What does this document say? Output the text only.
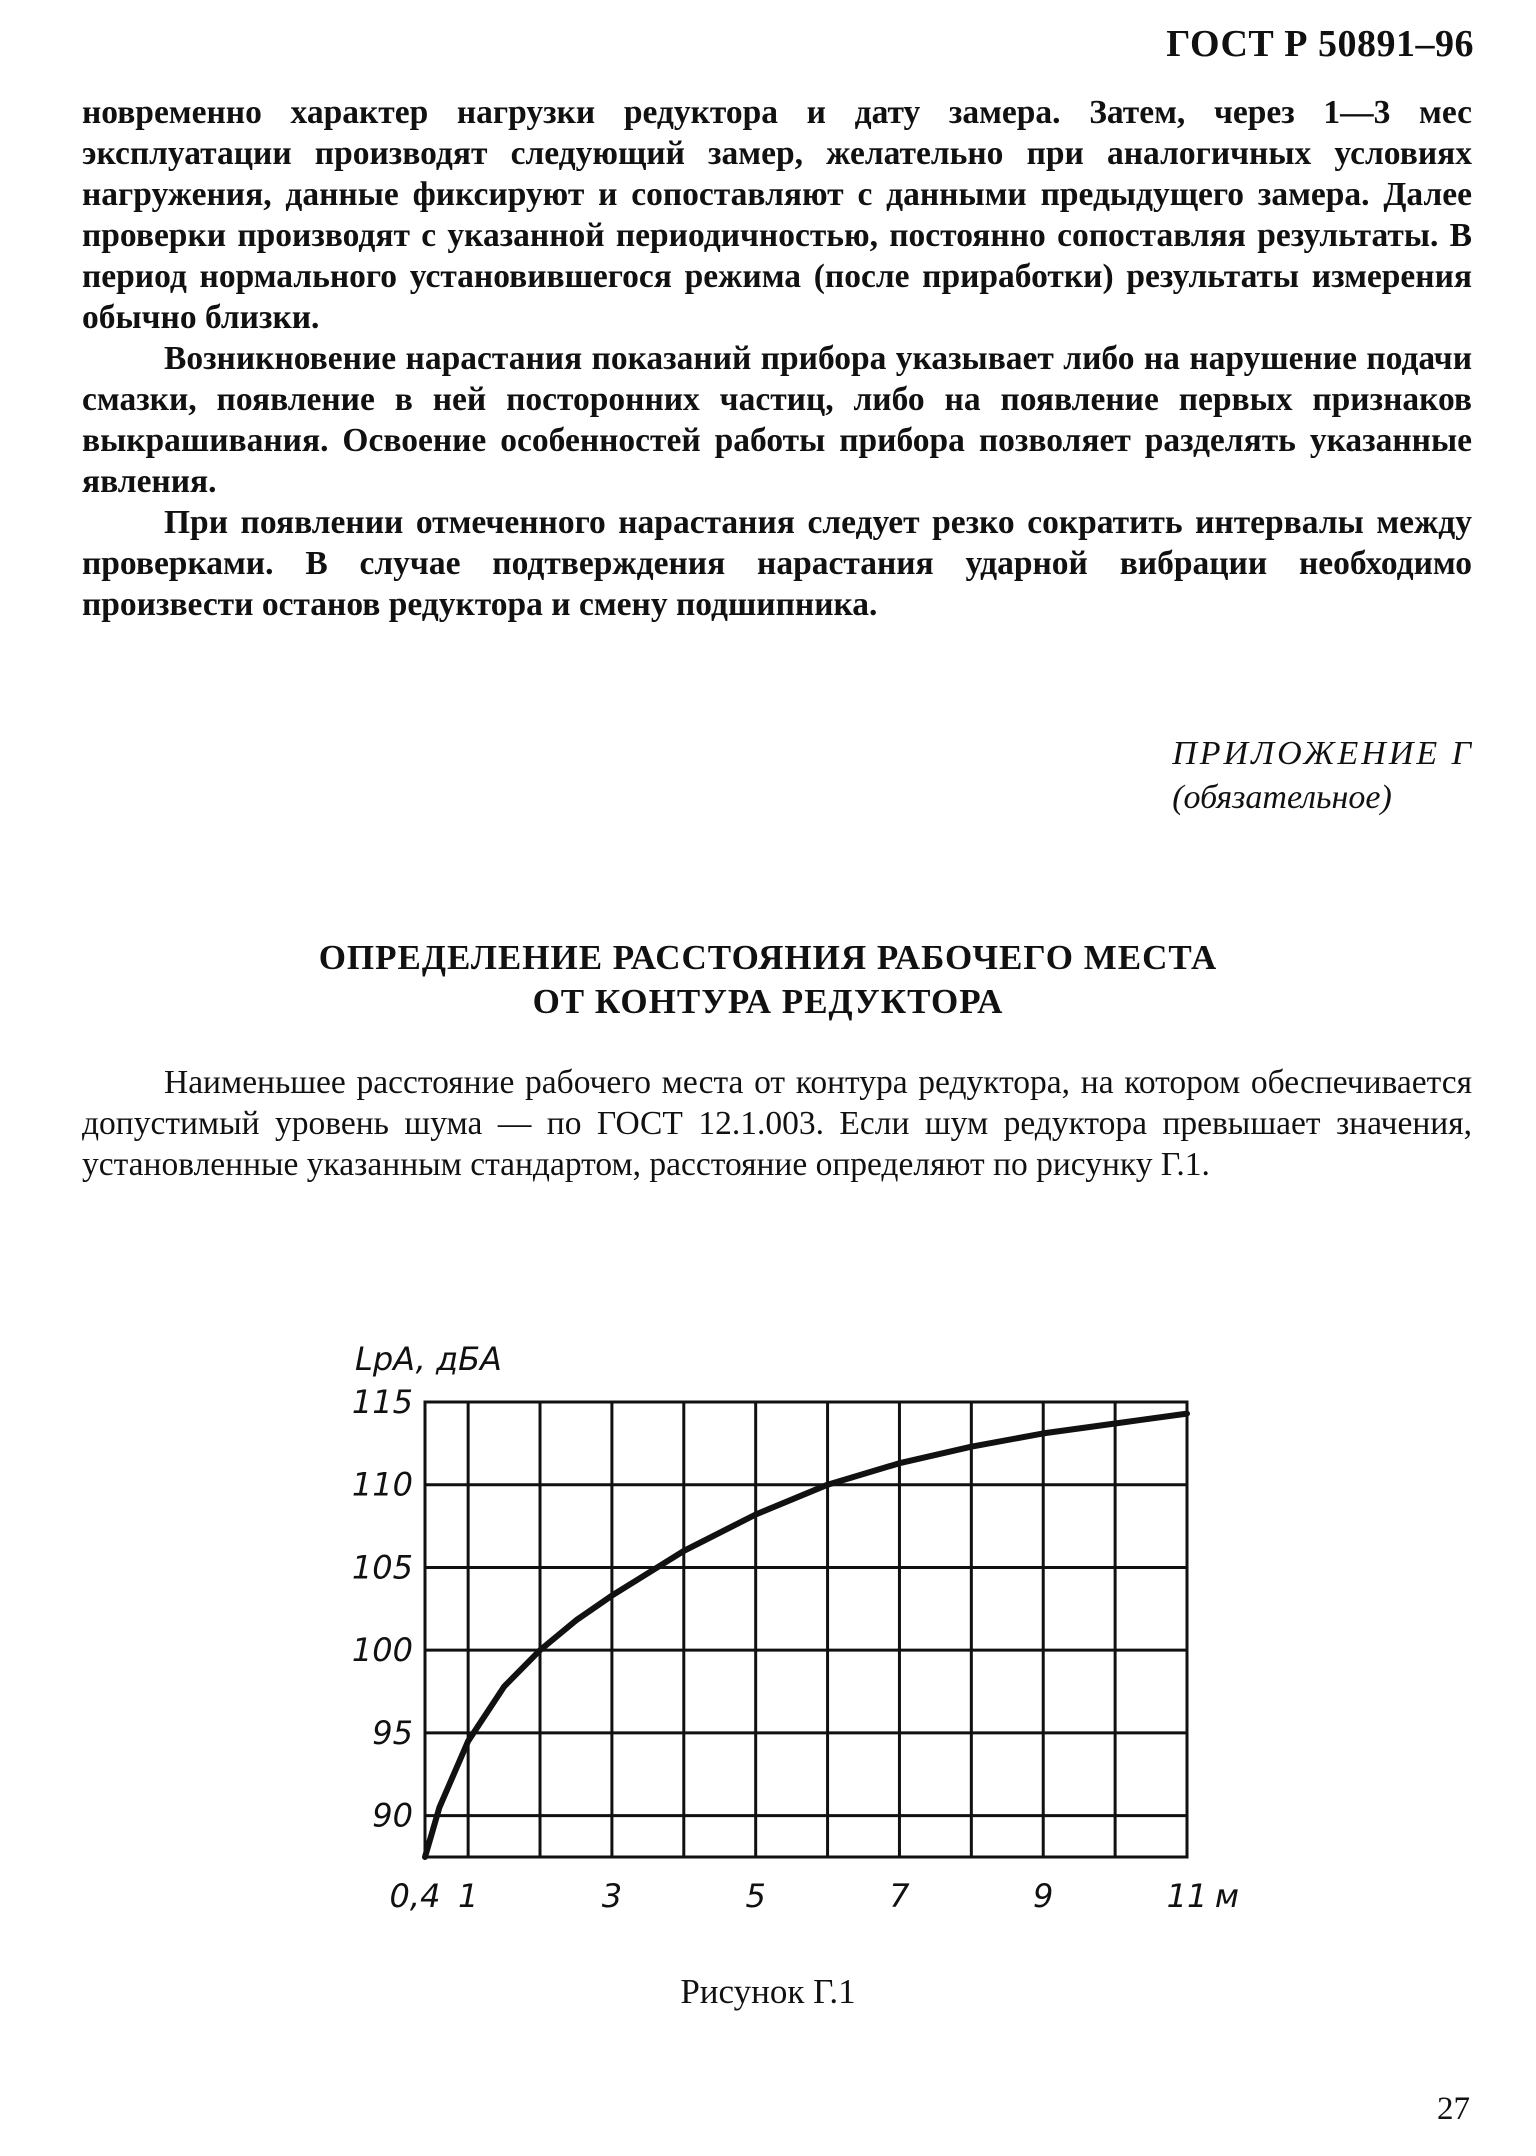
ГОСТ Р 50891–96

новременно характер нагрузки редуктора и дату замера. Затем, через 1—3 мес эксплуатации производят следующий замер, желательно при аналогичных условиях нагружения, данные фиксируют и сопоставляют с данными предыдущего замера. Далее проверки производят с указанной периодичностью, постоянно сопоставляя результаты. В период нормального установившегося режима (после приработки) результаты измерения обычно близки.

Возникновение нарастания показаний прибора указывает либо на нарушение подачи смазки, появление в ней посторонних частиц, либо на появление первых признаков выкрашивания. Освоение особенностей работы прибора позволяет разделять указанные явления.

При появлении отмеченного нарастания следует резко сократить интервалы между проверками. В случае подтверждения нарастания ударной вибрации необходимо произвести останов редуктора и смену подшипника.

ПРИЛОЖЕНИЕ Г
(обязательное)
ОПРЕДЕЛЕНИЕ РАССТОЯНИЯ РАБОЧЕГО МЕСТА
ОТ КОНТУРА РЕДУКТОРА

Наименьшее расстояние рабочего места от контура редуктора, на котором обеспечивается допустимый уровень шума — по ГОСТ 12.1.003. Если шум редуктора превышает значения, установленные указанным стандартом, расстояние определяют по рисунку Г.1.

90
95
100
105
110
115
0,4 1	3	5	7	9	11
LpA, дБА
м
Рисунок Г.1
27
